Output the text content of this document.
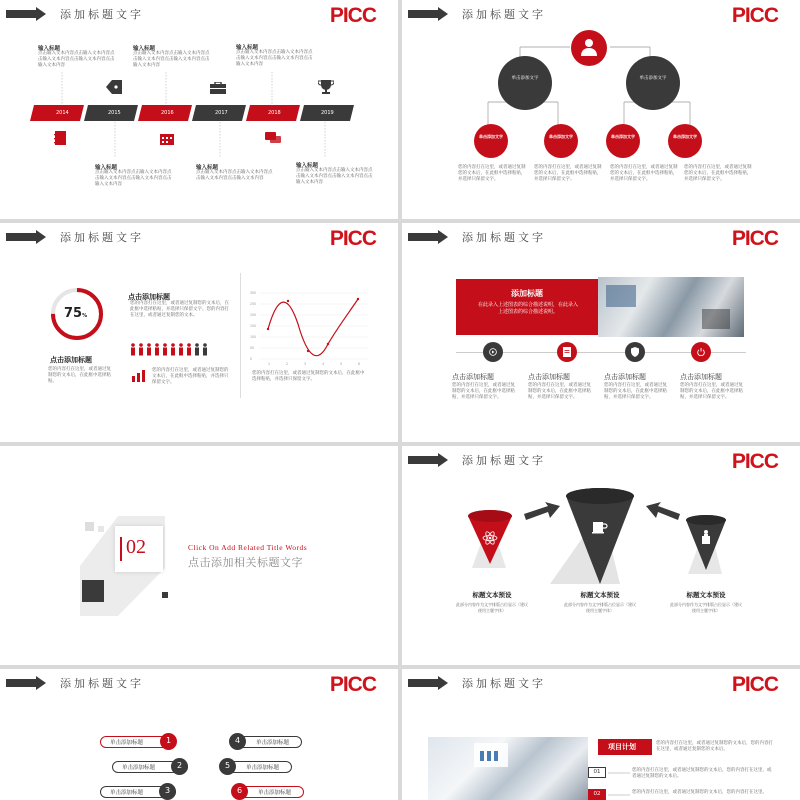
添加标题文字	PICC
输入标题
点击输入文本内容点击输入文本内容点击输入文本内容点击输入文本内容点击输入文本内容
输入标题
点击输入文本内容点击输入文本内容点击输入文本内容点击输入文本内容点击输入文本内容
输入标题
点击输入文本内容点击输入文本内容点击输入文本内容点击输入文本内容点击输入文本内容
2014	2015	2016	2017	2018	2019
输入标题
点击输入文本内容点击输入文本内容点击输入文本内容点击输入文本内容点击输入文本内容
输入标题
点击输入文本内容点击输入文本内容点击输入文本内容点击输入文本内容
输入标题
点击输入文本内容点击输入文本内容点击输入文本内容点击输入文本内容点击输入文本内容
添加标题文字	PICC
单击添加文字	单击添加文字
单击添加文字	单击添加文字	单击添加文字	单击添加文字
您的内容打在这里，或者通过复制您的文本后，在此框中选择粘贴，并选择只保留文字。
您的内容打在这里，或者通过复制您的文本后，在此框中选择粘贴，并选择只保留文字。
您的内容打在这里，或者通过复制您的文本后，在此框中选择粘贴，并选择只保留文字。
您的内容打在这里，或者通过复制您的文本后，在此框中选择粘贴，并选择只保留文字。
添加标题文字	PICC
75%
点击添加标题
您的内容打在这里，或者通过复制您的文本后，在此框中选择粘贴。
点击添加标题
您的内容打在这里，或者通过复制您的文本后，在此框中选择粘贴，并选择只保留文字。您的内容打在这里，或者通过复制您的文本。
您的内容打在这里，或者通过复制您的文本后，在此框中选择粘贴，并选择只保留文字。
300
250
200
150
100
50
0
1	2	3	4	5	6
您的内容打在这里，或者通过复制您的文本后，在此框中选择粘贴，并选择只保留文字。
添加标题文字	PICC
添加标题
在此录入上述图表的综合描述说明，在此录入上述图表的综合描述说明。
点击添加标题
您的内容打在这里，或者通过复制您的文本后，在此框中选择粘贴，并选择只保留文字。
点击添加标题
您的内容打在这里，或者通过复制您的文本后，在此框中选择粘贴，并选择只保留文字。
点击添加标题
您的内容打在这里，或者通过复制您的文本后，在此框中选择粘贴，并选择只保留文字。
点击添加标题
您的内容打在这里，或者通过复制您的文本后，在此框中选择粘贴，并选择只保留文字。
02	Click On Add Related Title Words
点击添加相关标题文字
添加标题文字	PICC
标题文本预设
此部分内容作为文字排版占位显示（建议使用主题字体）
标题文本预设
此部分内容作为文字排版占位显示（建议使用主题字体）
标题文本预设
此部分内容作为文字排版占位显示（建议使用主题字体）
添加标题文字	PICC
单击添加标题	1
单击添加标题	2
单击添加标题	3
4	单击添加标题
5	单击添加标题
6	单击添加标题
添加标题文字	PICC
项目计划	您的内容打在这里，或者通过复制您的文本后，您的内容打在这里，或者通过复制您的文本后。
01	您的内容打在这里，或者通过复制您的文本后，您的内容打在这里，或者通过复制您的文本后。
02	您的内容打在这里，或者通过复制您的文本后，您的内容打在这里。
